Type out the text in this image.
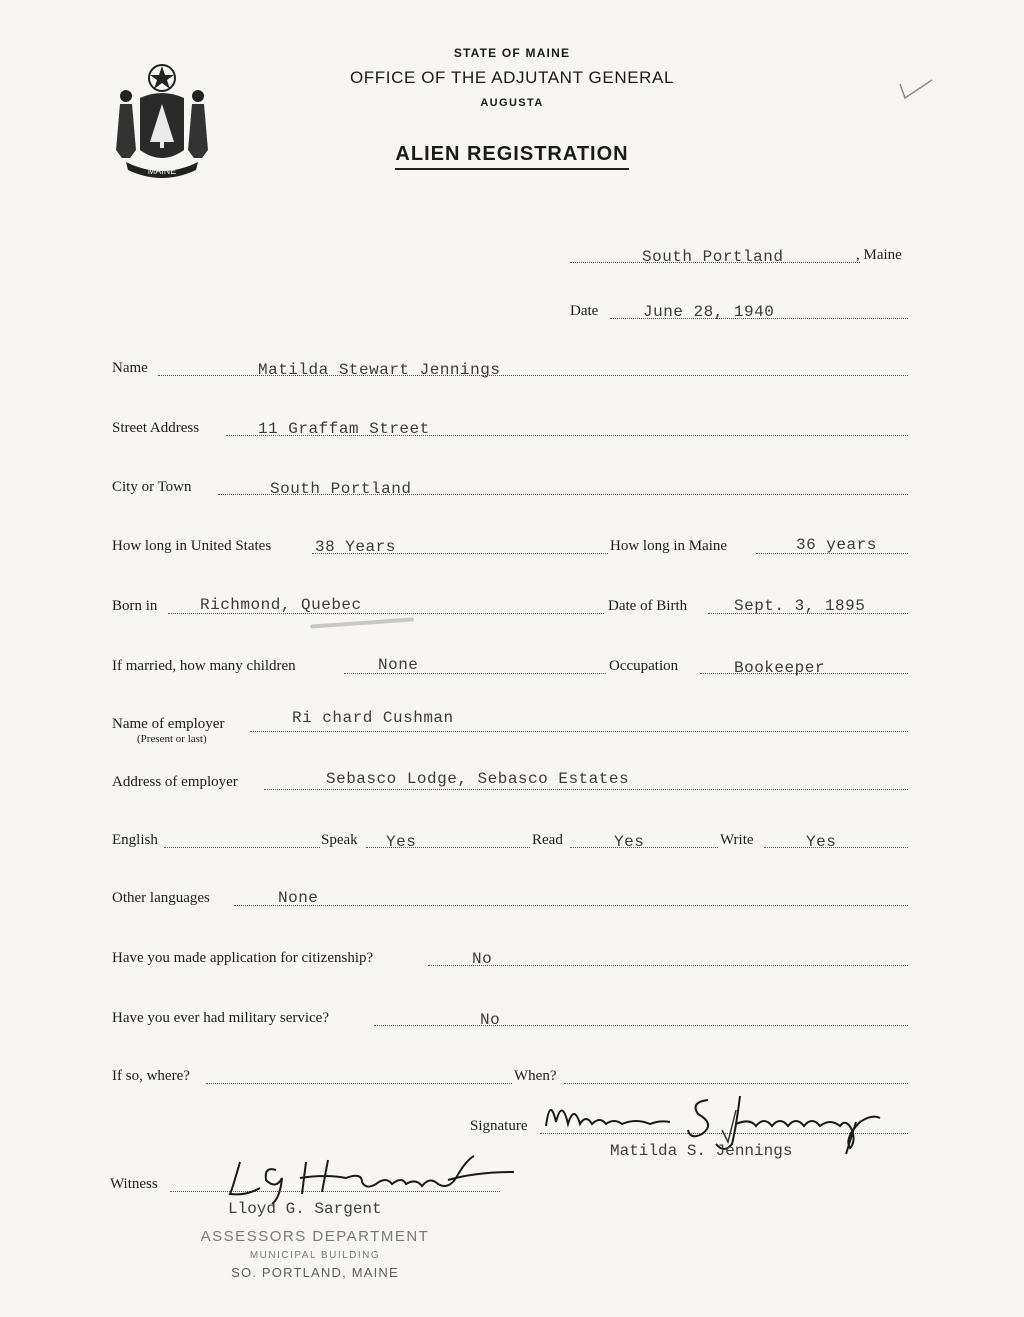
MAINE
STATE OF MAINE
OFFICE OF THE ADJUTANT GENERAL
AUGUSTA
ALIEN REGISTRATION
South Portland	, Maine
Date	June 28, 1940
Name	Matilda Stewart Jennings
Street Address	11 Graffam Street
City or Town	South Portland
How long in United States	38 Years	How long in Maine	36 years
Born in	Richmond, Quebec	Date of Birth	Sept. 3, 1895
If married, how many children	None	Occupation	Bookeeper
Name of employer
(Present or last)
Ri chard Cushman
Address of employer	Sebasco Lodge, Sebasco Estates
English	Speak Yes	Read	Yes	Write	Yes
Other languages	None
Have you made application for citizenship?	No
Have you ever had military service?	No
If so, where?	When?
Signature
Matilda S. Jennings
Witness
Lloyd G. Sargent
ASSESSORS DEPARTMENT
MUNICIPAL BUILDING
SO. PORTLAND, MAINE
